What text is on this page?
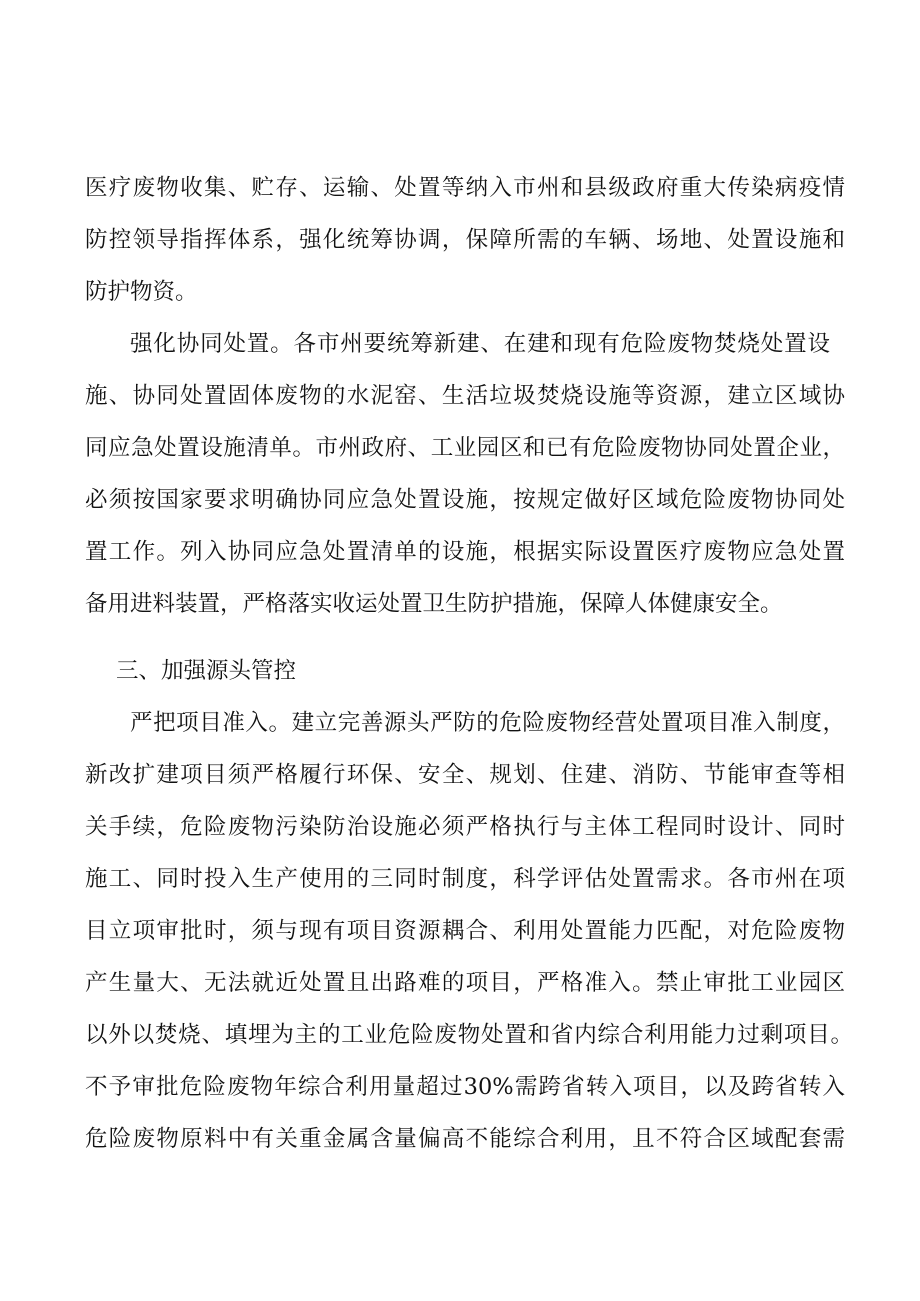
医疗废物收集、贮存、运输、处置等纳入市州和县级政府重大传染病疫情
防控领导指挥体系，强化统筹协调，保障所需的车辆、场地、处置设施和
防护物资。
强化协同处置。各市州要统筹新建、在建和现有危险废物焚烧处置设
施、协同处置固体废物的水泥窑、生活垃圾焚烧设施等资源，建立区域协
同应急处置设施清单。市州政府、工业园区和已有危险废物协同处置企业，
必须按国家要求明确协同应急处置设施，按规定做好区域危险废物协同处
置工作。列入协同应急处置清单的设施，根据实际设置医疗废物应急处置
备用进料装置，严格落实收运处置卫生防护措施，保障人体健康安全。
三、加强源头管控
严把项目准入。建立完善源头严防的危险废物经营处置项目准入制度，
新改扩建项目须严格履行环保、安全、规划、住建、消防、节能审查等相
关手续，危险废物污染防治设施必须严格执行与主体工程同时设计、同时
施工、同时投入生产使用的三同时制度，科学评估处置需求。各市州在项
目立项审批时，须与现有项目资源耦合、利用处置能力匹配，对危险废物
产生量大、无法就近处置且出路难的项目，严格准入。禁止审批工业园区
以外以焚烧、填埋为主的工业危险废物处置和省内综合利用能力过剩项目。
不予审批危险废物年综合利用量超过30%需跨省转入项目，以及跨省转入
危险废物原料中有关重金属含量偏高不能综合利用，且不符合区域配套需
